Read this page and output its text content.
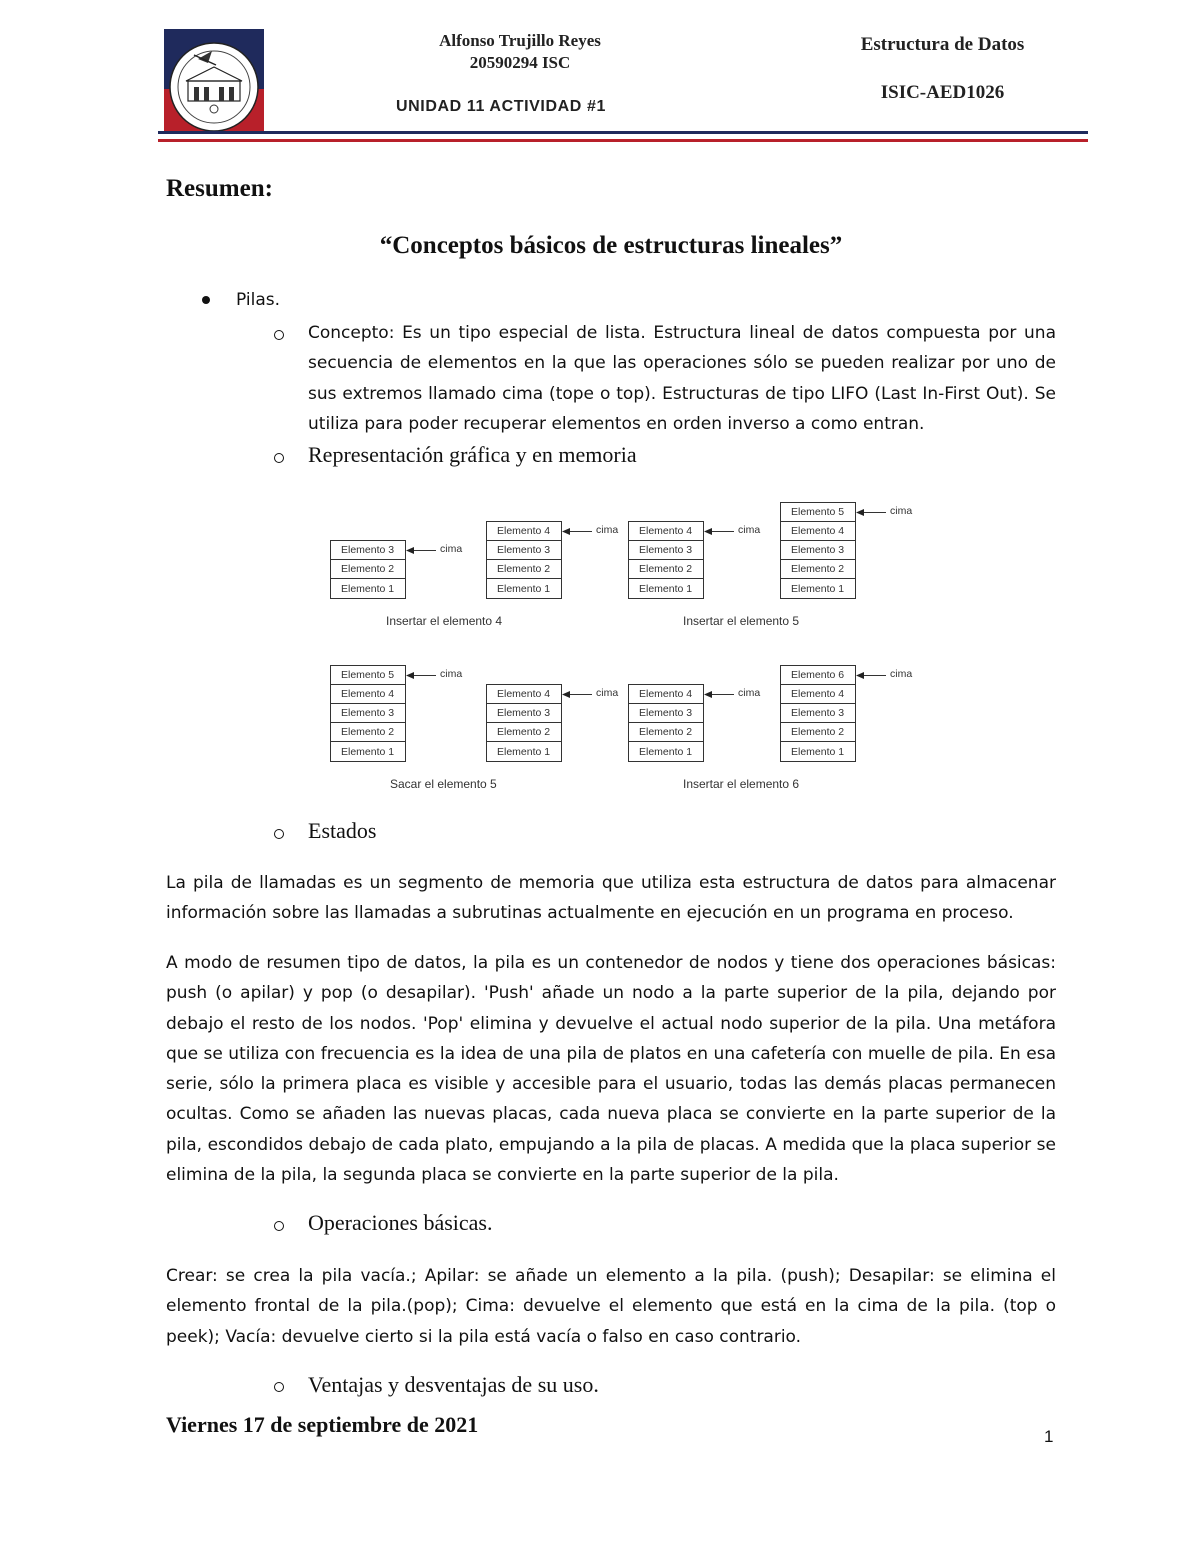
Alfonso Trujillo Reyes
20590294 ISC
UNIDAD 11 ACTIVIDAD #1
Estructura de Datos
ISIC-AED1026
Resumen:
“Conceptos básicos de estructuras lineales”
Pilas.
Concepto: Es un tipo especial de lista. Estructura lineal de datos compuesta por una secuencia de elementos en la que las operaciones sólo se pueden realizar por uno de sus extremos llamado cima (tope o top). Estructuras de tipo LIFO (Last In-First Out). Se utiliza para poder recuperar elementos en orden inverso a como entran.
Representación gráfica y en memoria
Elemento 3
Elemento 2
Elemento 1
cima
Elemento 4
Elemento 3
Elemento 2
Elemento 1
cima	Elemento 4
Elemento 3
Elemento 2
Elemento 1
cima
Elemento 5
Elemento 4
Elemento 3
Elemento 2
Elemento 1
cima
Elemento 5
Elemento 4
Elemento 3
Elemento 2
Elemento 1
cima
Elemento 4
Elemento 3
Elemento 2
Elemento 1
cima	Elemento 4
Elemento 3
Elemento 2
Elemento 1
cima
Elemento 6
Elemento 4
Elemento 3
Elemento 2
Elemento 1
cima
Insertar el elemento 4	Insertar el elemento 5
Sacar el elemento 5	Insertar el elemento 6
Estados
La pila de llamadas es un segmento de memoria que utiliza esta estructura de datos para almacenar información sobre las llamadas a subrutinas actualmente en ejecución en un programa en proceso.
A modo de resumen tipo de datos, la pila es un contenedor de nodos y tiene dos operaciones básicas: push (o apilar) y pop (o desapilar). 'Push' añade un nodo a la parte superior de la pila, dejando por debajo el resto de los nodos. 'Pop' elimina y devuelve el actual nodo superior de la pila. Una metáfora que se utiliza con frecuencia es la idea de una pila de platos en una cafetería con muelle de pila. En esa serie, sólo la primera placa es visible y accesible para el usuario, todas las demás placas permanecen ocultas. Como se añaden las nuevas placas, cada nueva placa se convierte en la parte superior de la pila, escondidos debajo de cada plato, empujando a la pila de placas. A medida que la placa superior se elimina de la pila, la segunda placa se convierte en la parte superior de la pila.
Operaciones básicas.
Crear: se crea la pila vacía.; Apilar: se añade un elemento a la pila. (push); Desapilar: se elimina el elemento frontal de la pila.(pop); Cima: devuelve el elemento que está en la cima de la pila. (top o peek); Vacía: devuelve cierto si la pila está vacía o falso en caso contrario.
Ventajas y desventajas de su uso.
Viernes 17 de septiembre de 2021	1
